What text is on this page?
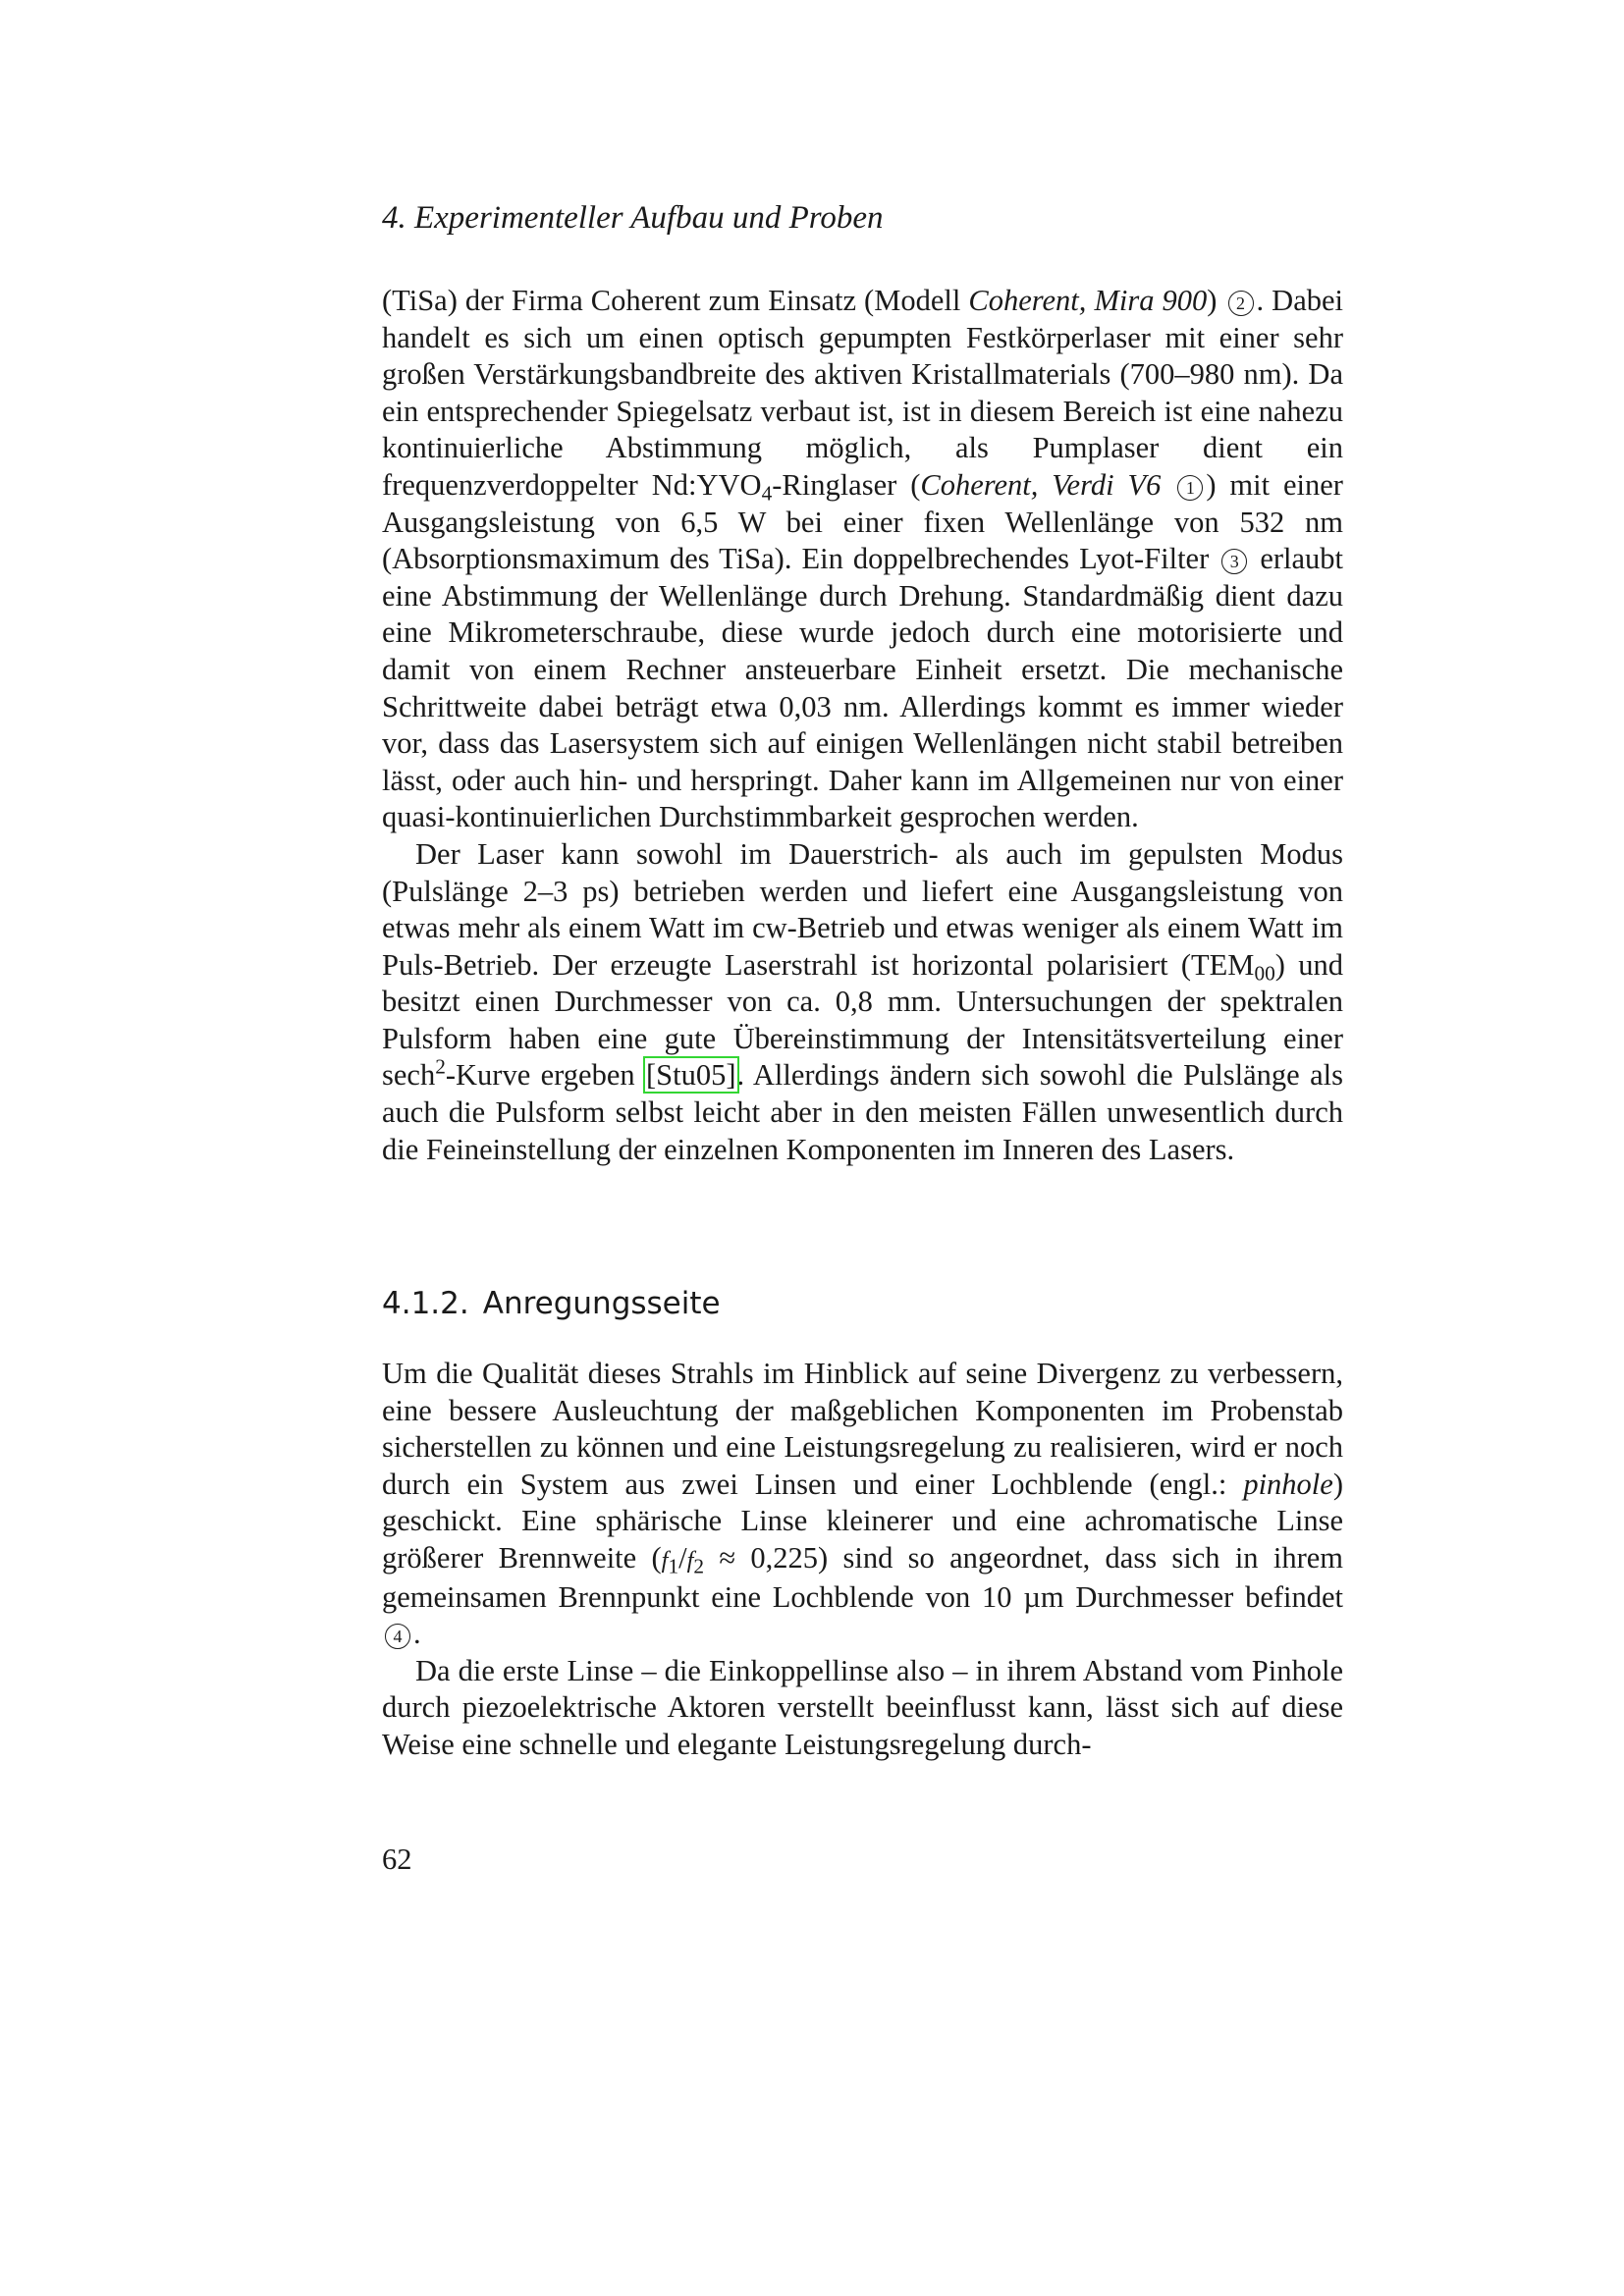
4. Experimenteller Aufbau und Proben

(TiSa) der Firma Coherent zum Einsatz (Modell Coherent, Mira 900) 2 . Dabei handelt es sich um einen optisch gepumpten Festkörperlaser mit einer sehr großen Verstärkungsbandbreite des aktiven Kristallmaterials (700–980 nm). Da ein entsprechender Spiegelsatz verbaut ist, ist in diesem Bereich ist eine nahezu kontinuierliche Abstimmung möglich, als Pumplaser dient ein frequenzverdoppelter $Nd:YVO_4$-Ringlaser (Coherent, Verdi V6 1 ) mit einer Ausgangsleistung von 6,5 W bei einer fixen Wellenlänge von 532 nm (Absorptionsmaximum des TiSa). Ein doppelbrechendes Lyot-Filter 3 erlaubt eine Abstimmung der Wellenlänge durch Drehung. Standardmäßig dient dazu eine Mikrometerschraube, diese wurde jedoch durch eine motorisierte und damit von einem Rechner ansteuerbare Einheit ersetzt. Die mechanische Schrittweite dabei beträgt etwa 0,03 nm. Allerdings kommt es immer wieder vor, dass das Lasersystem sich auf einigen Wellenlängen nicht stabil betreiben lässt, oder auch hin- und herspringt. Daher kann im Allgemeinen nur von einer quasi-kontinuierlichen Durchstimmbarkeit gesprochen werden.

Der Laser kann sowohl im Dauerstrich- als auch im gepulsten Modus (Pulslänge 2–3 ps) betrieben werden und liefert eine Ausgangsleistung von etwas mehr als einem Watt im cw-Betrieb und etwas weniger als einem Watt im Puls-Betrieb. Der erzeugte Laserstrahl ist horizontal polarisiert $(TEM_{00})$ und besitzt einen Durchmesser von ca. 0,8 mm. Untersuchungen der spektralen Pulsform haben eine gute Übereinstimmung der Intensitätsverteilung einer sech$^2$-Kurve ergeben [Stu05]. Allerdings ändern sich sowohl die Pulslänge als auch die Pulsform selbst leicht aber in den meisten Fällen unwesentlich durch die Feineinstellung der einzelnen Komponenten im Inneren des Lasers.

4.1.2. Anregungsseite

Um die Qualität dieses Strahls im Hinblick auf seine Divergenz zu verbessern, eine bessere Ausleuchtung der maßgeblichen Komponenten im Probenstab sicherstellen zu können und eine Leistungsregelung zu realisieren, wird er noch durch ein System aus zwei Linsen und einer Lochblende (engl.: pinhole) geschickt. Eine sphärische Linse kleinerer und eine achromatische Linse größerer Brennweite $(f_1/f_2 \approx 0,225)$ sind so angeordnet, dass sich in ihrem gemeinsamen Brennpunkt eine Lochblende von 10 µm Durchmesser befindet 4 .

Da die erste Linse – die Einkoppellinse also – in ihrem Abstand vom Pinhole durch piezoelektrische Aktoren verstellt beeinflusst kann, lässt sich auf diese Weise eine schnelle und elegante Leistungsregelung durch-

62
